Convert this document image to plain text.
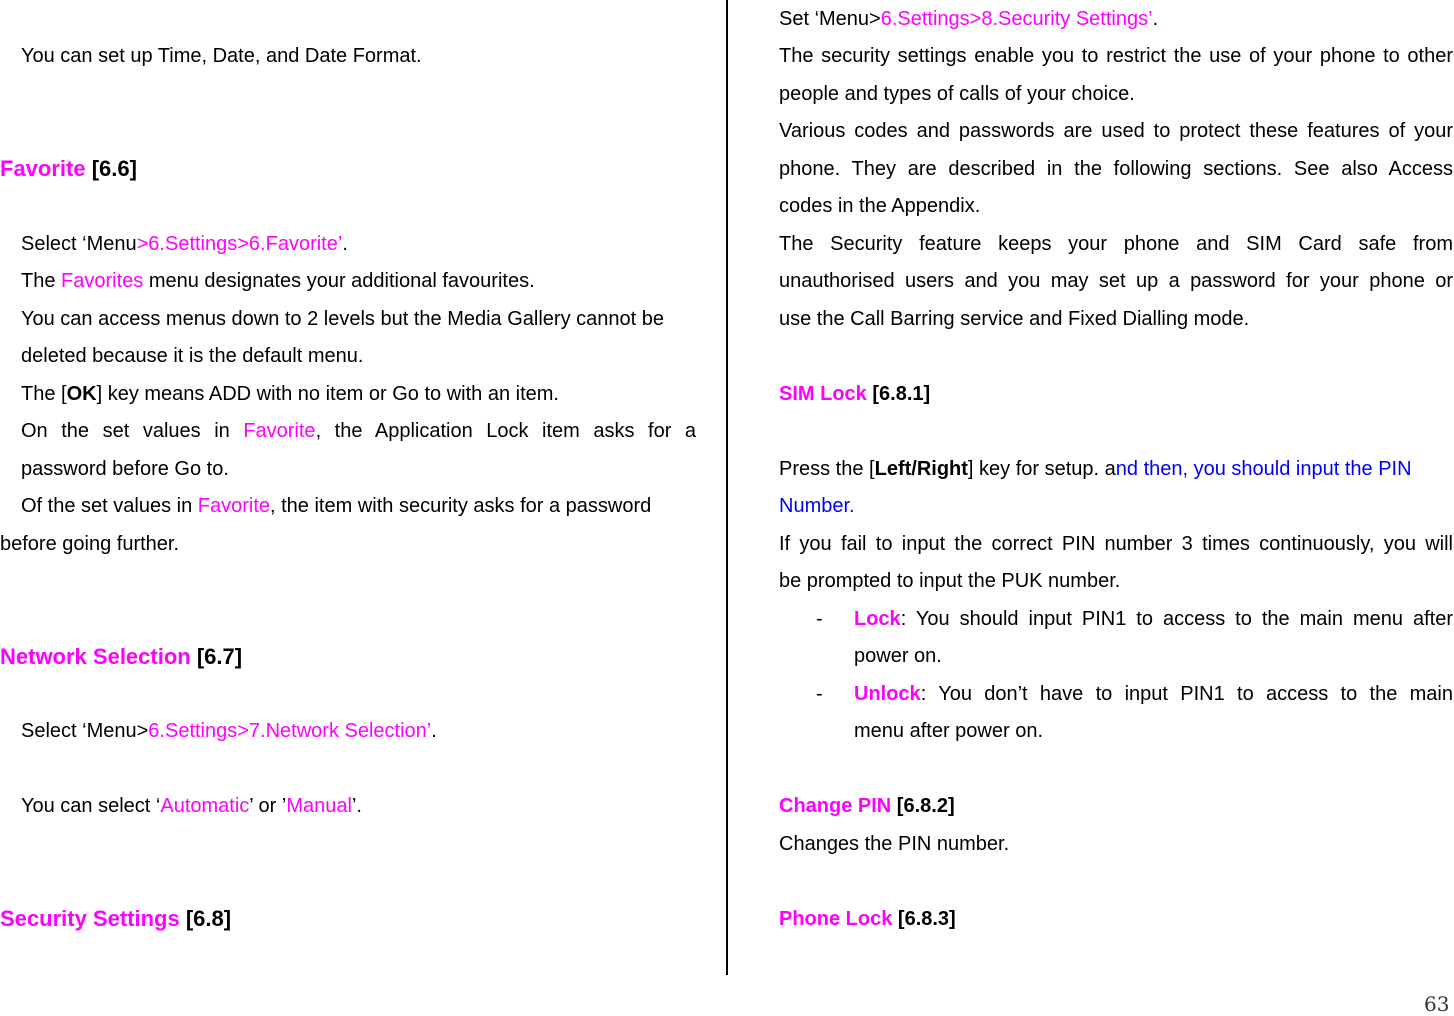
You can set up Time, Date, and Date Format.
Favorite [6.6]
Select ‘Menu>6.Settings>6.Favorite’.
The Favorites menu designates your additional favourites.
You can access menus down to 2 levels but the Media Gallery cannot be
deleted because it is the default menu.
The [OK] key means ADD with no item or Go to with an item.
On the set values in Favorite, the Application Lock item asks for a
password before Go to.
Of the set values in Favorite, the item with security asks for a password
before going further.
Network Selection [6.7]
Select ‘Menu>6.Settings>7.Network Selection’.
You can select ‘Automatic’ or ’Manual’.
Security Settings [6.8]
Set ‘Menu>6.Settings>8.Security Settings’.
The security settings enable you to restrict the use of your phone to other
people and types of calls of your choice.
Various codes and passwords are used to protect these features of your
phone. They are described in the following sections. See also Access
codes in the Appendix.
The Security feature keeps your phone and SIM Card safe from
unauthorised users and you may set up a password for your phone or
use the Call Barring service and Fixed Dialling mode.
SIM Lock [6.8.1]
Press the [Left/Right] key for setup. and then, you should input the PIN
Number.
If you fail to input the correct PIN number 3 times continuously, you will
be prompted to input the PUK number.
- Lock: You should input PIN1 to access to the main menu after
power on.
- Unlock: You don’t have to input PIN1 to access to the main
menu after power on.
Change PIN [6.8.2]
Changes the PIN number.
Phone Lock [6.8.3]
63
